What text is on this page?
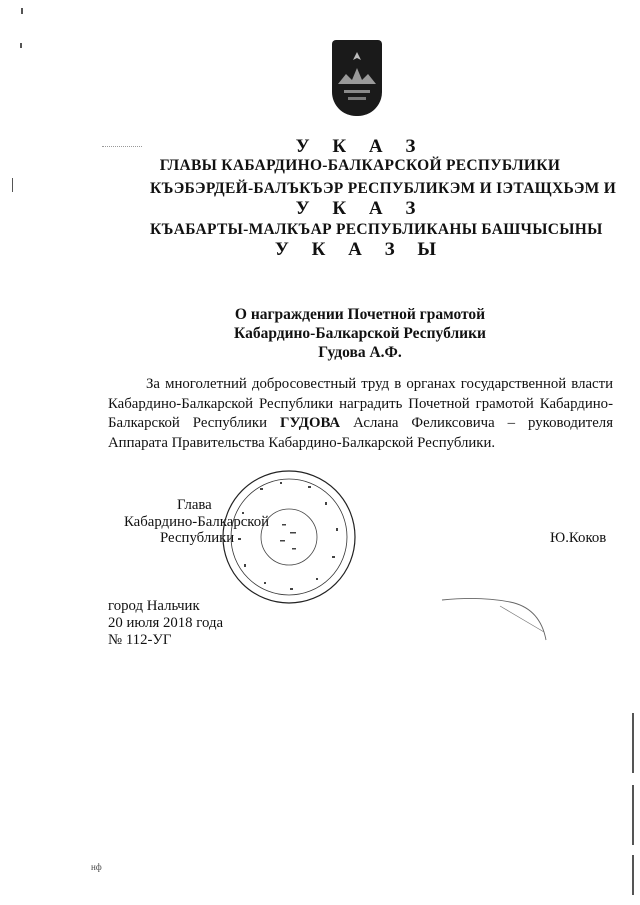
У К А З
ГЛАВЫ КАБАРДИНО-БАЛКАРСКОЙ РЕСПУБЛИКИ
КЪЭБЭРДЕЙ-БАЛЪКЪЭР РЕСПУБЛИКЭМ И ІЭТАЩХЬЭМ И
У К А З
КЪАБАРТЫ-МАЛКЪАР РЕСПУБЛИКАНЫ БАШЧЫСЫНЫ
У К А З Ы
О награждении Почетной грамотой
Кабардино-Балкарской Республики
Гудова А.Ф.
За многолетний добросовестный труд в органах государственной власти Кабардино-Балкарской Республики наградить Почетной грамотой Кабардино-Балкарской Республики ГУДОВА Аслана Феликсовича – руководителя Аппарата Правительства Кабардино-Балкарской Республики.
Глава
Кабардино-Балкарской
Республики	Ю.Коков
город Нальчик
20 июля 2018 года
№ 112-УГ
нф
